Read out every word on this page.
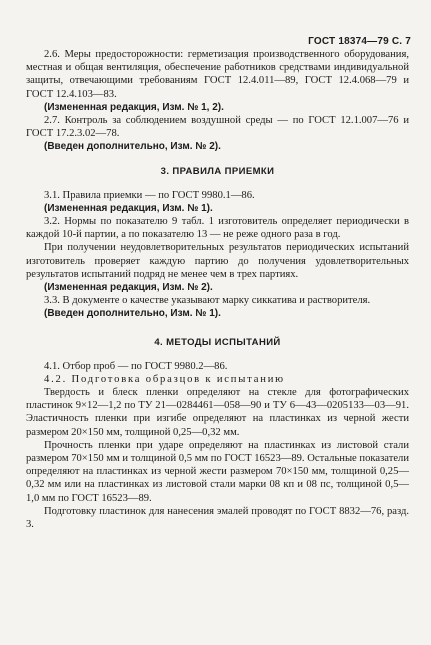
ГОСТ 18374—79 С. 7

2.6. Меры предосторожности: герметизация производственного оборудования, местная и общая вентиляция, обеспечение работников средствами индивидуальной защиты, отвечающими требованиям ГОСТ 12.4.011—89, ГОСТ 12.4.068—79 и ГОСТ 12.4.103—83.

(Измененная редакция, Изм. № 1, 2).

2.7. Контроль за соблюдением воздушной среды — по ГОСТ 12.1.007—76 и ГОСТ 17.2.3.02—78.

(Введен дополнительно, Изм. № 2).

3. ПРАВИЛА ПРИЕМКИ

3.1. Правила приемки — по ГОСТ 9980.1—86.

(Измененная редакция, Изм. № 1).

3.2. Нормы по показателю 9 табл. 1 изготовитель определяет периодически в каждой 10-й партии, а по показателю 13 — не реже одного раза в год.

При получении неудовлетворительных результатов периодических испытаний изготовитель проверяет каждую партию до получения удовлетворительных результатов испытаний подряд не менее чем в трех партиях.

(Измененная редакция, Изм. № 2).

3.3. В документе о качестве указывают марку сиккатива и растворителя.

(Введен дополнительно, Изм. № 1).

4. МЕТОДЫ ИСПЫТАНИЙ

4.1. Отбор проб — по ГОСТ 9980.2—86.

4.2. Подготовка образцов к испытанию

Твердость и блеск пленки определяют на стекле для фотографических пластинок 9×12—1,2 по ТУ 21—0284461—058—90 и ТУ 6—43—0205133—03—91. Эластичность пленки при изгибе определяют на пластинках из черной жести размером 20×150 мм, толщиной 0,25—0,32 мм.

Прочность пленки при ударе определяют на пластинках из листовой стали размером 70×150 мм и толщиной 0,5 мм по ГОСТ 16523—89. Остальные показатели определяют на пластинках из черной жести размером 70×150 мм, толщиной 0,25—0,32 мм или на пластинках из листовой стали марки 08 кп и 08 пс, толщиной 0,5—1,0 мм по ГОСТ 16523—89.

Подготовку пластинок для нанесения эмалей проводят по ГОСТ 8832—76, разд. 3.
